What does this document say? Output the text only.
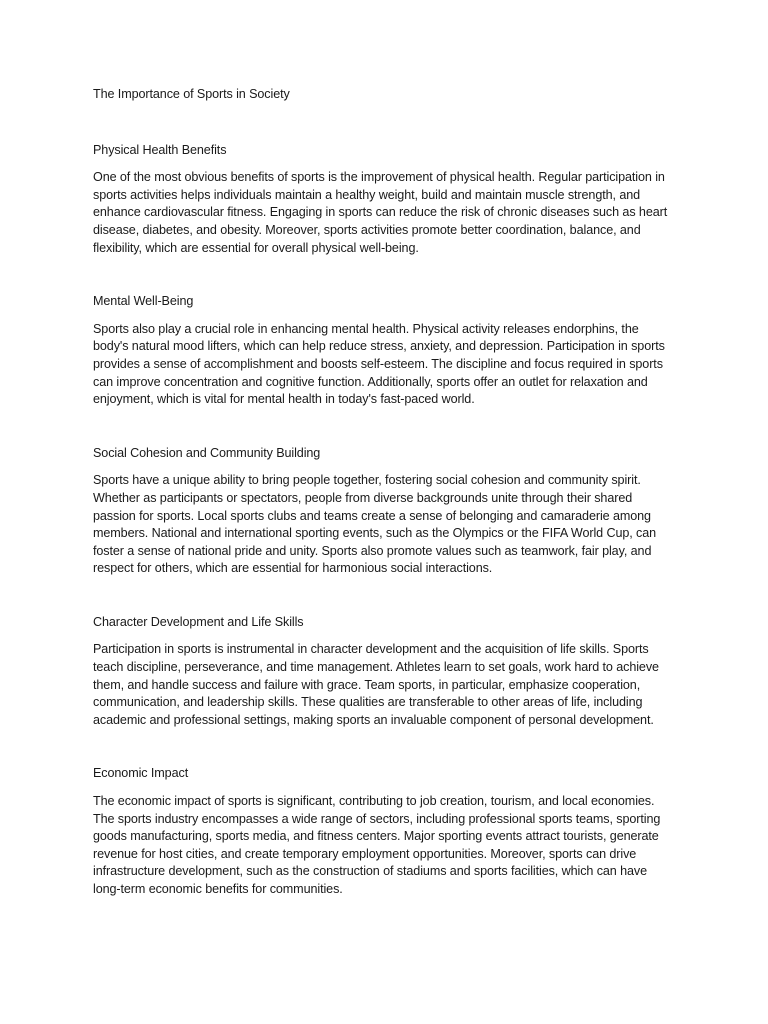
The Importance of Sports in Society

Physical Health Benefits

One of the most obvious benefits of sports is the improvement of physical health. Regular participation in sports activities helps individuals maintain a healthy weight, build and maintain muscle strength, and enhance cardiovascular fitness. Engaging in sports can reduce the risk of chronic diseases such as heart disease, diabetes, and obesity. Moreover, sports activities promote better coordination, balance, and flexibility, which are essential for overall physical well-being.

Mental Well-Being

Sports also play a crucial role in enhancing mental health. Physical activity releases endorphins, the body's natural mood lifters, which can help reduce stress, anxiety, and depression. Participation in sports provides a sense of accomplishment and boosts self-esteem. The discipline and focus required in sports can improve concentration and cognitive function. Additionally, sports offer an outlet for relaxation and enjoyment, which is vital for mental health in today's fast-paced world.

Social Cohesion and Community Building

Sports have a unique ability to bring people together, fostering social cohesion and community spirit. Whether as participants or spectators, people from diverse backgrounds unite through their shared passion for sports. Local sports clubs and teams create a sense of belonging and camaraderie among members. National and international sporting events, such as the Olympics or the FIFA World Cup, can foster a sense of national pride and unity. Sports also promote values such as teamwork, fair play, and respect for others, which are essential for harmonious social interactions.

Character Development and Life Skills

Participation in sports is instrumental in character development and the acquisition of life skills. Sports teach discipline, perseverance, and time management. Athletes learn to set goals, work hard to achieve them, and handle success and failure with grace. Team sports, in particular, emphasize cooperation, communication, and leadership skills. These qualities are transferable to other areas of life, including academic and professional settings, making sports an invaluable component of personal development.

Economic Impact

The economic impact of sports is significant, contributing to job creation, tourism, and local economies. The sports industry encompasses a wide range of sectors, including professional sports teams, sporting goods manufacturing, sports media, and fitness centers. Major sporting events attract tourists, generate revenue for host cities, and create temporary employment opportunities. Moreover, sports can drive infrastructure development, such as the construction of stadiums and sports facilities, which can have long-term economic benefits for communities.
